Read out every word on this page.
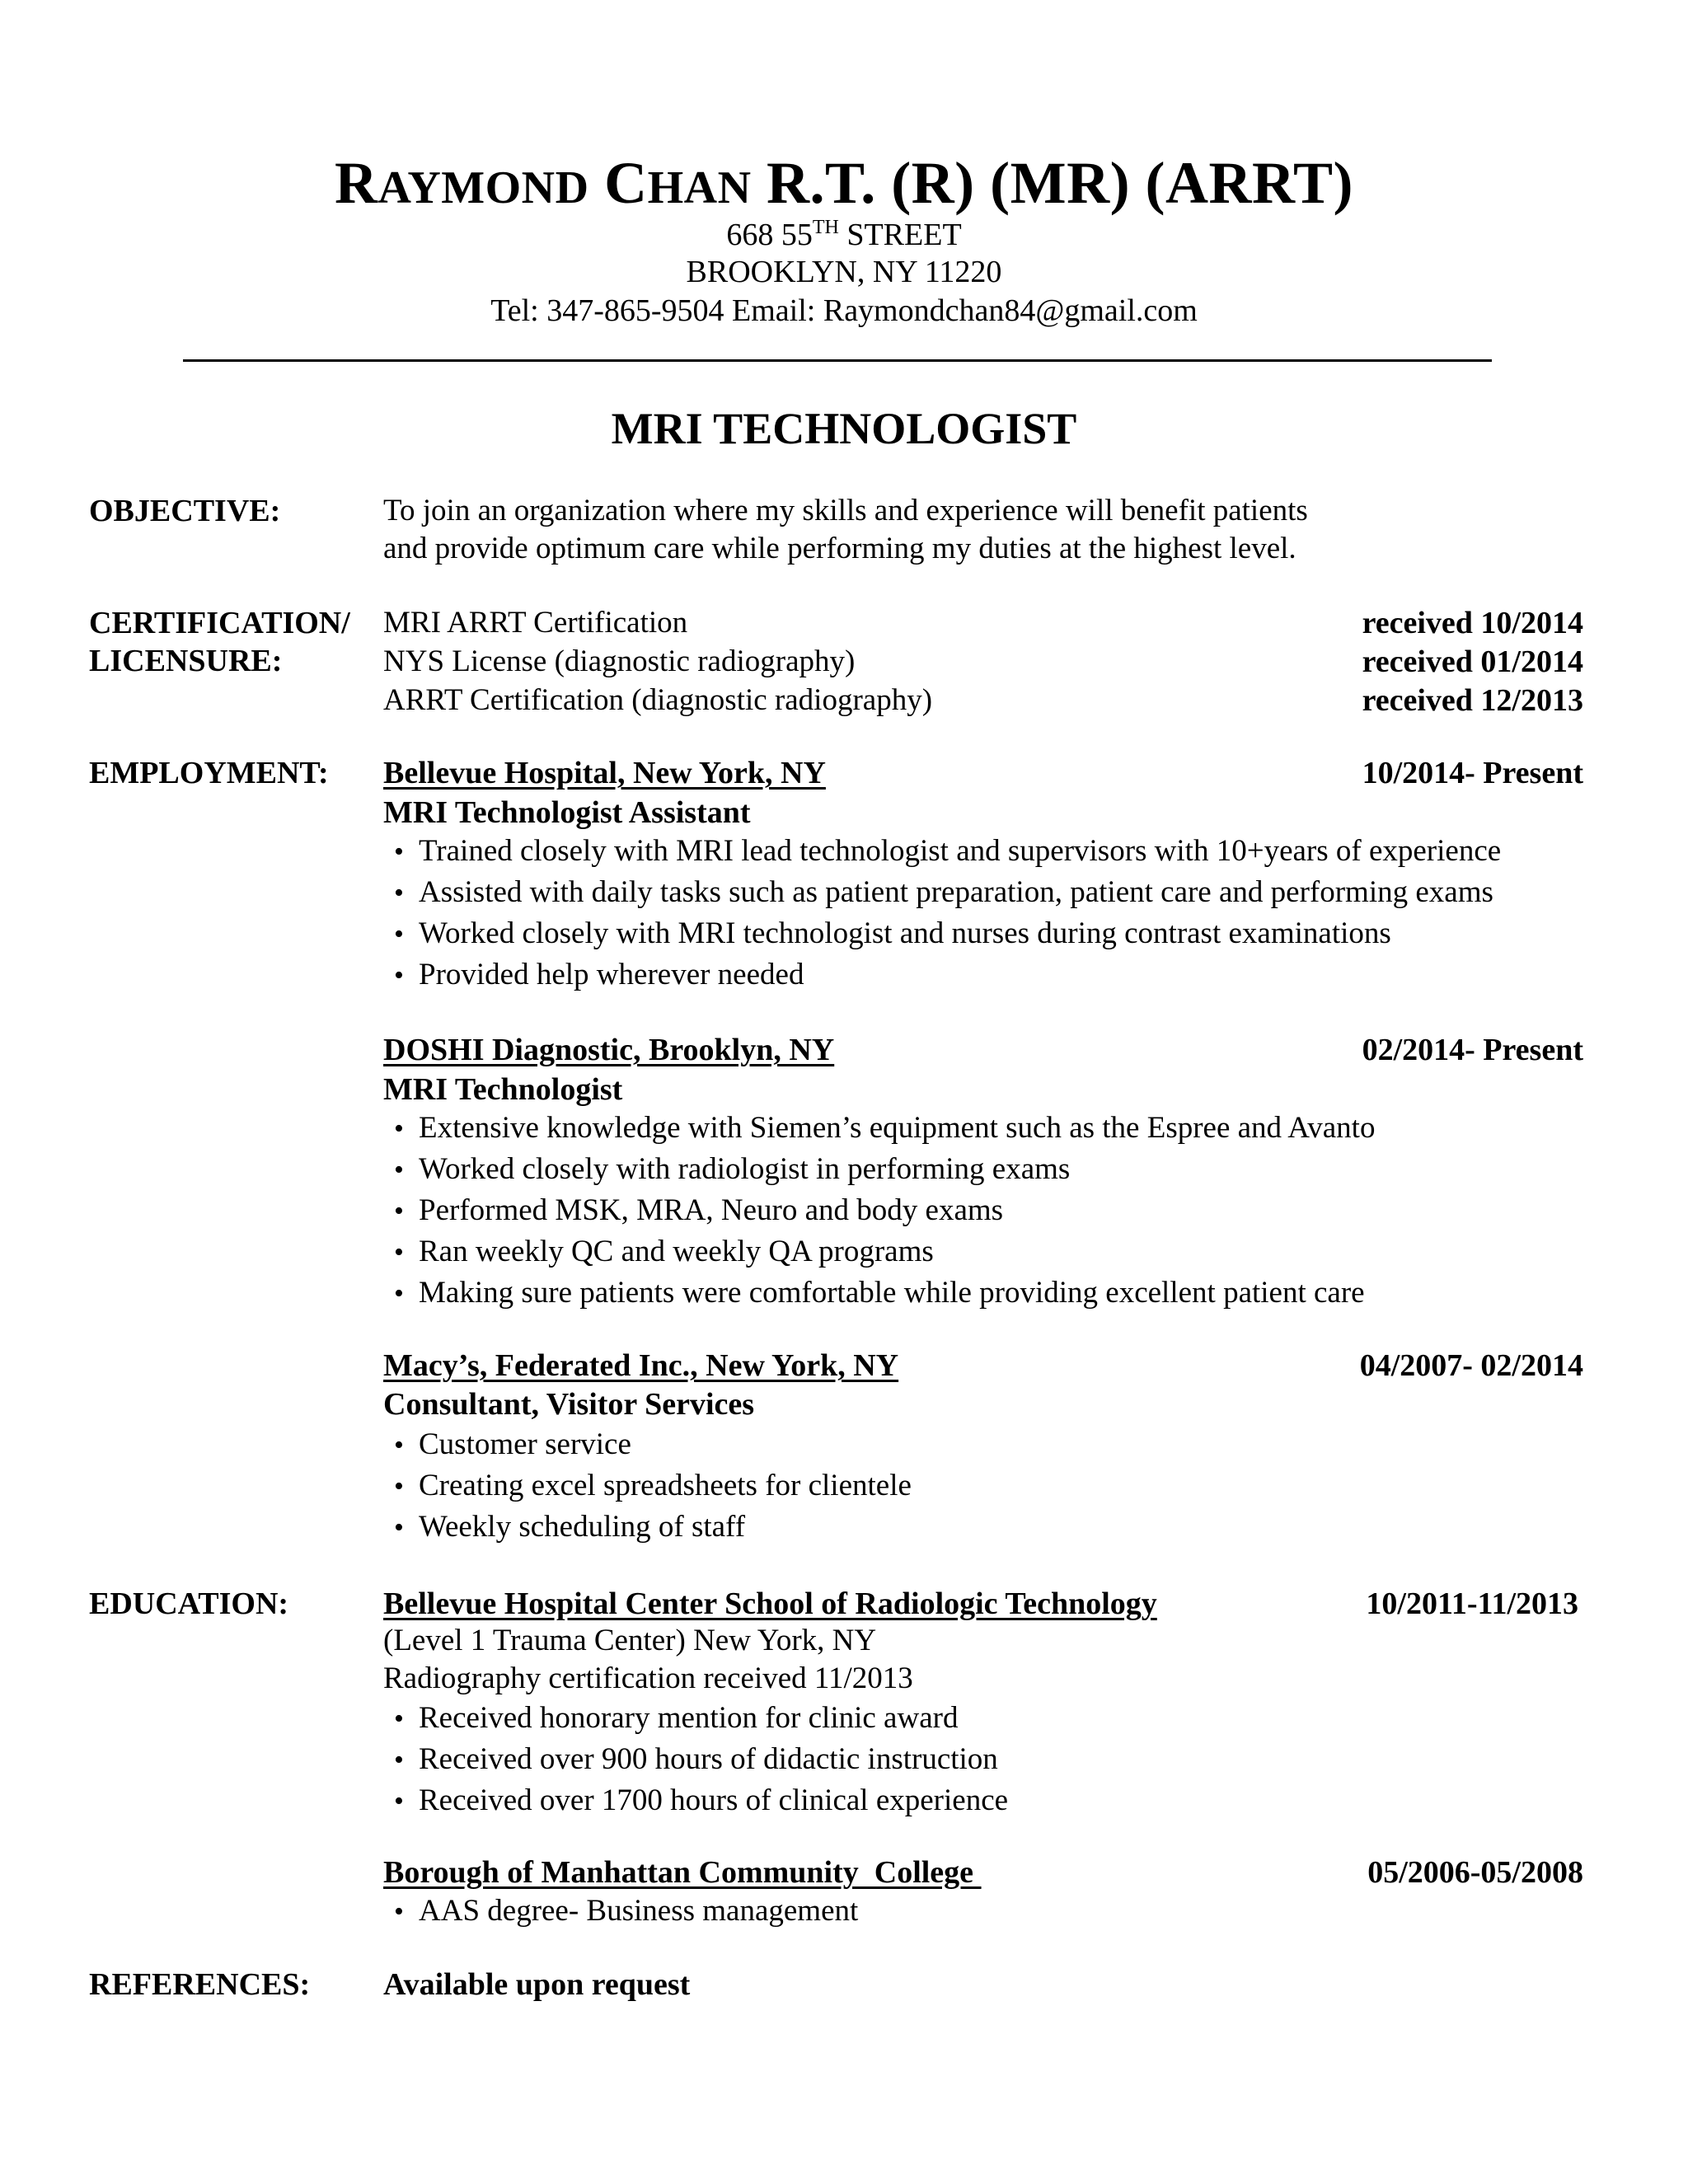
RAYMOND CHAN R.T. (R) (MR) (ARRT)
668 55TH STREET
BROOKLYN, NY 11220
Tel: 347-865-9504 Email: Raymondchan84@gmail.com
MRI TECHNOLOGIST
OBJECTIVE:	To join an organization where my skills and experience will benefit patients
and provide optimum care while performing my duties at the highest level.
CERTIFICATION/
LICENSURE:
MRI ARRT Certification	received 10/2014
NYS License (diagnostic radiography)	received 01/2014
ARRT Certification (diagnostic radiography)	received 12/2013
EMPLOYMENT: Bellevue Hospital, New York, NY	10/2014- Present
MRI Technologist Assistant
• Trained closely with MRI lead technologist and supervisors with 10+years of experience
• Assisted with daily tasks such as patient preparation, patient care and performing exams
• Worked closely with MRI technologist and nurses during contrast examinations
• Provided help wherever needed
DOSHI Diagnostic, Brooklyn, NY	02/2014- Present
MRI Technologist
• Extensive knowledge with Siemen’s equipment such as the Espree and Avanto
• Worked closely with radiologist in performing exams
• Performed MSK, MRA, Neuro and body exams
• Ran weekly QC and weekly QA programs
• Making sure patients were comfortable while providing excellent patient care
Macy’s, Federated Inc., New York, NY	04/2007- 02/2014
Consultant, Visitor Services
• Customer service
• Creating excel spreadsheets for clientele
• Weekly scheduling of staff
EDUCATION:	Bellevue Hospital Center School of Radiologic Technology	10/2011-11/2013
(Level 1 Trauma Center) New York, NY
Radiography certification received 11/2013
• Received honorary mention for clinic award
• Received over 900 hours of didactic instruction
• Received over 1700 hours of clinical experience
Borough of Manhattan Community  College	05/2006-05/2008
• AAS degree- Business management
REFERENCES: Available upon request
